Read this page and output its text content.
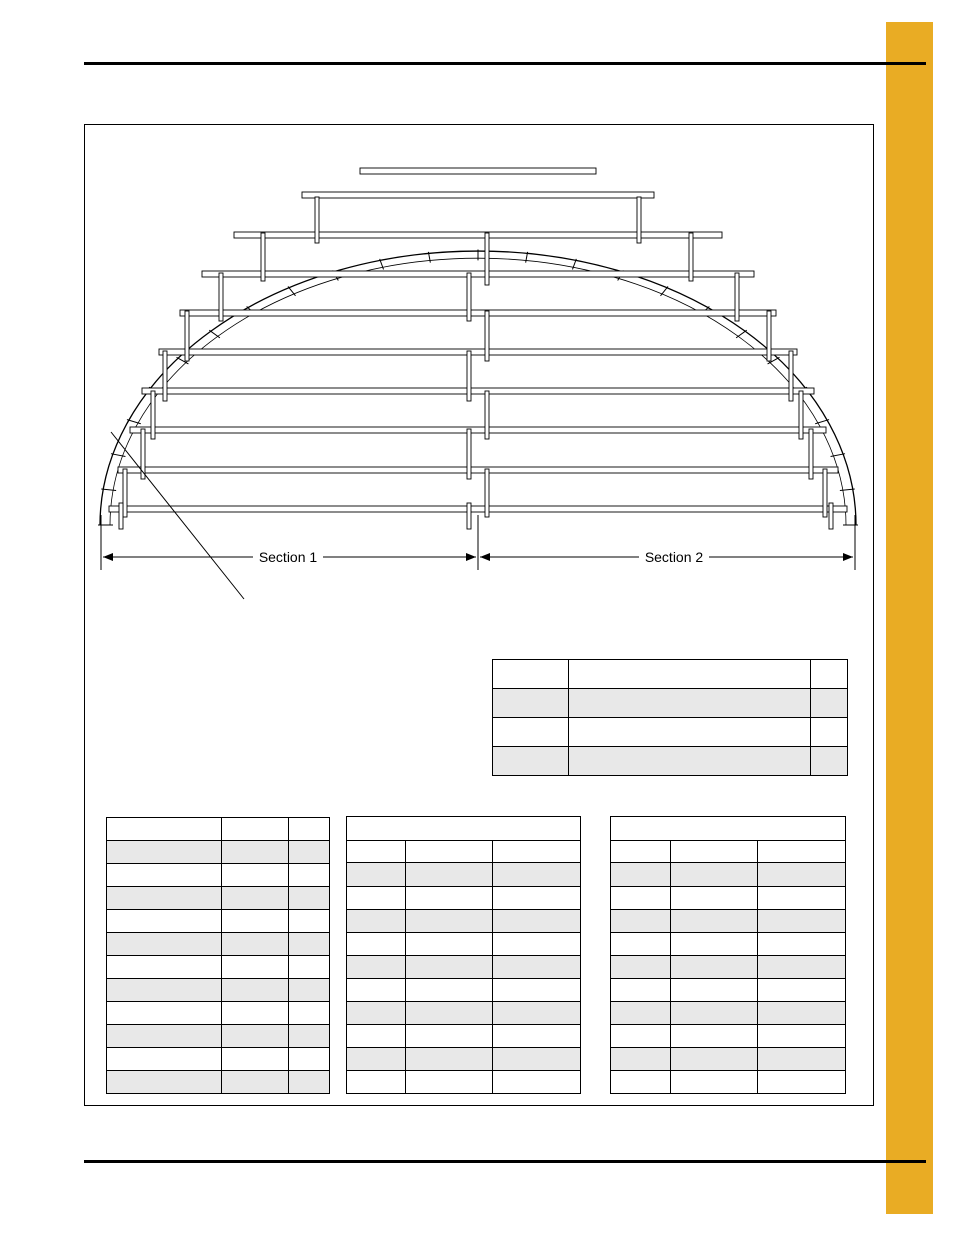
Section 1	Section 2
